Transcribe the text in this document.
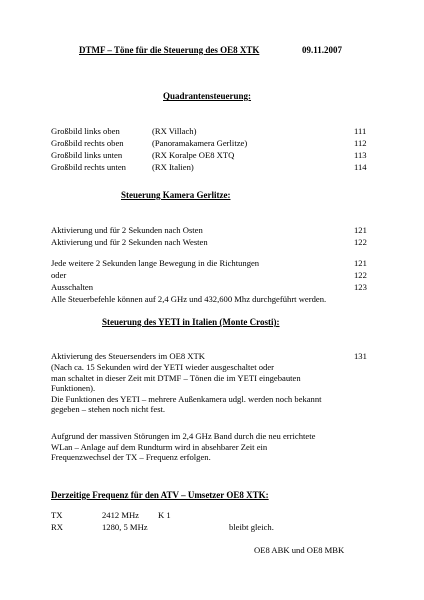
DTMF – Töne für die Steuerung des OE8 XTK	09.11.2007
Quadrantensteuerung:
Großbild links oben	(RX Villach)	111
Großbild rechts oben	(Panoramakamera Gerlitze)	112
Großbild links unten	(RX Koralpe OE8 XTQ	113
Großbild rechts unten	(RX Italien)	114
Steuerung Kamera Gerlitze:
Aktivierung und für 2 Sekunden nach Osten	121
Aktivierung und für 2 Sekunden nach Westen	122
Jede weitere 2 Sekunden lange Bewegung in die Richtungen	121
oder	122
Ausschalten	123
Alle Steuerbefehle können auf 2,4 GHz und 432,600 Mhz durchgeführt werden.
Steuerung des YETI in Italien (Monte Crosti):
Aktivierung des Steuersenders im OE8 XTK	131
(Nach ca. 15 Sekunden wird der YETI wieder ausgeschaltet oder
man schaltet in dieser Zeit mit DTMF – Tönen die im YETI eingebauten
Funktionen).
Die Funktionen des YETI – mehrere Außenkamera udgl. werden noch bekannt
gegeben – stehen noch nicht fest.
Aufgrund der massiven Störungen im 2,4 GHz Band durch die neu errichtete
WLan – Anlage auf dem Rundturm wird in absehbarer Zeit ein
Frequenzwechsel der TX – Frequenz erfolgen.
Derzeitige Frequenz für den ATV – Umsetzer OE8 XTK:
TX	2412 MHz K 1
RX	1280, 5 MHz	bleibt gleich.
OE8 ABK und OE8 MBK
